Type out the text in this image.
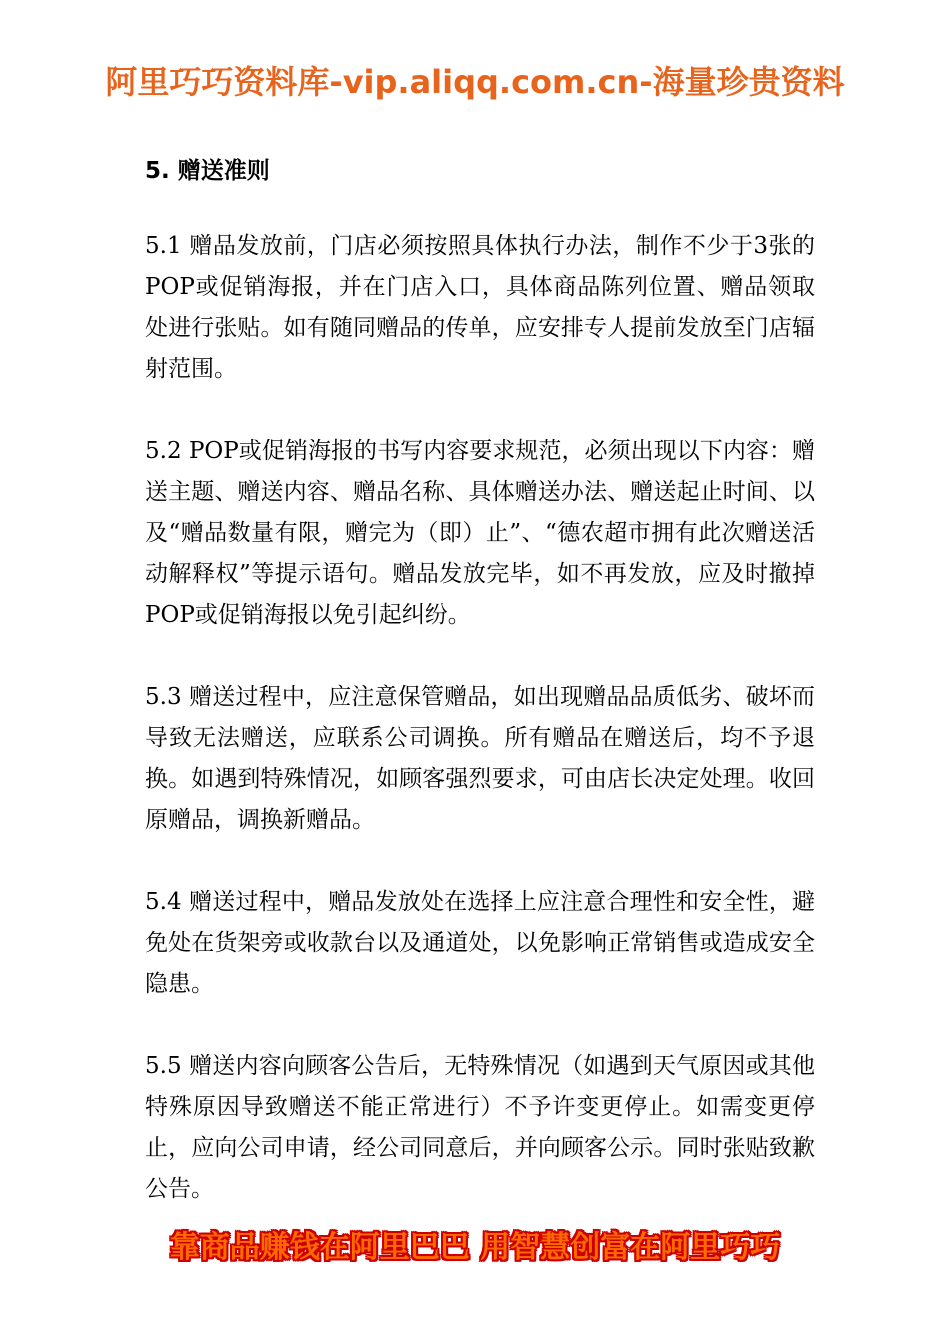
阿里巧巧资料库-vip.aliqq.com.cn-海量珍贵资料
5. 赠送准则

5.1 赠品发放前，门店必须按照具体执行办法，制作不少于3张的POP或促销海报，并在门店入口，具体商品陈列位置、赠品领取处进行张贴。如有随同赠品的传单，应安排专人提前发放至门店辐射范围。

5.2 POP或促销海报的书写内容要求规范，必须出现以下内容：赠送主题、赠送内容、赠品名称、具体赠送办法、赠送起止时间、以及“赠品数量有限，赠完为（即）止”、“德农超市拥有此次赠送活动解释权”等提示语句。赠品发放完毕，如不再发放，应及时撤掉POP或促销海报以免引起纠纷。

5.3 赠送过程中，应注意保管赠品，如出现赠品品质低劣、破坏而导致无法赠送，应联系公司调换。所有赠品在赠送后，均不予退换。如遇到特殊情况，如顾客强烈要求，可由店长决定处理。收回原赠品，调换新赠品。

5.4 赠送过程中，赠品发放处在选择上应注意合理性和安全性，避免处在货架旁或收款台以及通道处，以免影响正常销售或造成安全隐患。

5.5 赠送内容向顾客公告后，无特殊情况（如遇到天气原因或其他特殊原因导致赠送不能正常进行）不予许变更停止。如需变更停止，应向公司申请，经公司同意后，并向顾客公示。同时张贴致歉公告。

靠商品赚钱在阿里巴巴 用智慧创富在阿里巧巧
